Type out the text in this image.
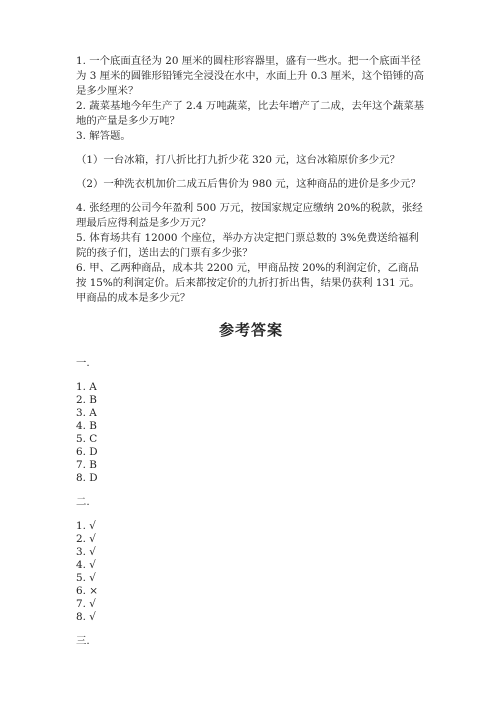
1. 一个底面直径为 20 厘米的圆柱形容器里，盛有一些水。把一个底面半径为 3 厘米的圆锥形铅锤完全浸没在水中，水面上升 0.3 厘米，这个铅锤的高是多少厘米？

2. 蔬菜基地今年生产了 2.4 万吨蔬菜，比去年增产了二成，去年这个蔬菜基地的产量是多少万吨？

3. 解答题。

（1）一台冰箱，打八折比打九折少花 320 元，这台冰箱原价多少元？

（2）一种洗衣机加价二成五后售价为 980 元，这种商品的进价是多少元？

4. 张经理的公司今年盈利 500 万元，按国家规定应缴纳 20%的税款，张经理最后应得利益是多少万元？

5. 体育场共有 12000 个座位，举办方决定把门票总数的 3%免费送给福利院的孩子们，送出去的门票有多少张？

6. 甲、乙两种商品，成本共 2200 元，甲商品按 20%的利润定价，乙商品按 15%的利润定价。后来都按定价的九折打折出售，结果仍获利 131 元。甲商品的成本是多少元？

参考答案

一.

1. A

2. B

3. A

4. B

5. C

6. D

7. B

8. D

二.

1. √

2. √

3. √

4. √

5. √

6. ×

7. √

8. √

三.
